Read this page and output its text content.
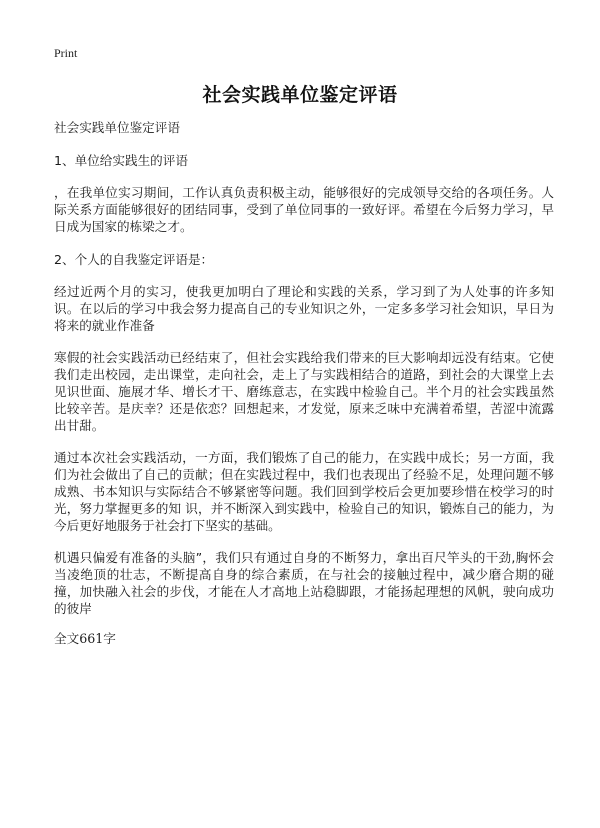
Print
社会实践单位鉴定评语
社会实践单位鉴定评语
1、单位给实践生的评语
，在我单位实习期间，工作认真负责积极主动，能够很好的完成领导交给的各项任务。人际关系方面能够很好的团结同事，受到了单位同事的一致好评。希望在今后努力学习，早日成为国家的栋梁之才。
2、个人的自我鉴定评语是：
经过近两个月的实习，使我更加明白了理论和实践的关系，学习到了为人处事的许多知识。在以后的学习中我会努力提高自己的专业知识之外，一定多多学习社会知识，早日为将来的就业作准备
寒假的社会实践活动已经结束了，但社会实践给我们带来的巨大影响却远没有结束。它使我们走出校园，走出课堂，走向社会，走上了与实践相结合的道路，到社会的大课堂上去见识世面、施展才华、增长才干、磨练意志，在实践中检验自己。半个月的社会实践虽然比较辛苦。是庆幸？还是依恋？回想起来，才发觉，原来乏味中充满着希望，苦涩中流露出甘甜。
通过本次社会实践活动，一方面，我们锻炼了自己的能力，在实践中成长；另一方面，我们为社会做出了自己的贡献；但在实践过程中，我们也表现出了经验不足，处理问题不够成熟、书本知识与实际结合不够紧密等问题。我们回到学校后会更加要珍惜在校学习的时光，努力掌握更多的知 识，并不断深入到实践中，检验自己的知识，锻炼自己的能力，为今后更好地服务于社会打下坚实的基础。
机遇只偏爱有准备的头脑”，我们只有通过自身的不断努力，拿出百尺竿头的干劲,胸怀会当凌绝顶的壮志，不断提高自身的综合素质，在与社会的接触过程中，减少磨合期的碰撞，加快融入社会的步伐，才能在人才高地上站稳脚跟，才能扬起理想的风帆，驶向成功的彼岸
全文661字
